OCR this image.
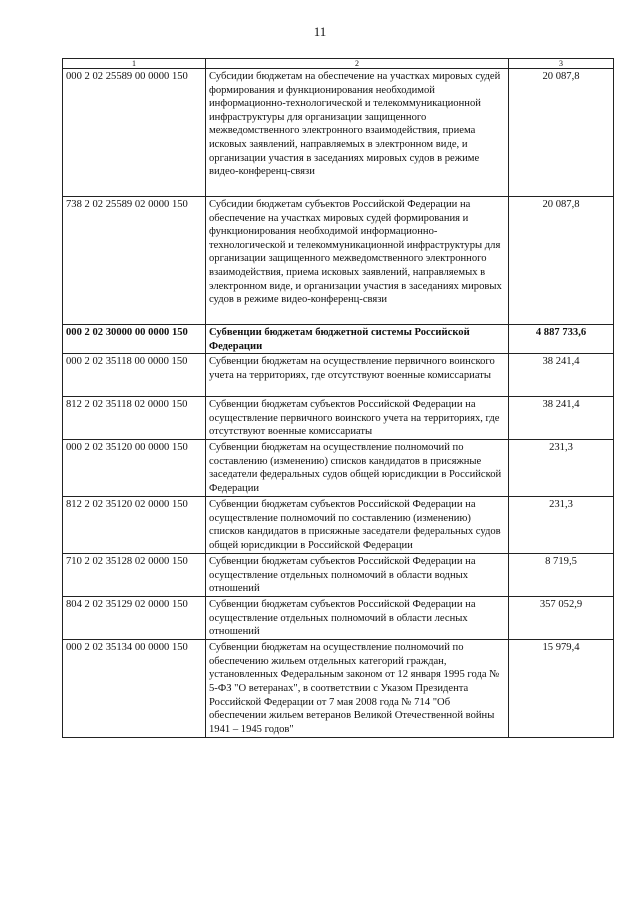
11
1	2	3
000 2 02 25589 00 0000 150	Субсидии бюджетам на обеспечение на участках мировых судей формирования и функционирования необходимой информационно-технологической и телекоммуникационной инфраструктуры для организации защищенного межведомственного электронного взаимодействия, приема исковых заявлений, направляемых в электронном виде, и организации участия в заседаниях мировых судов в режиме видео-конференц-связи	20 087,8
738 2 02 25589 02 0000 150	Субсидии бюджетам субъектов Российской Федерации на обеспечение на участках мировых судей формирования и функционирования необходимой информационно-технологической и телекоммуникационной инфраструктуры для организации защищенного межведомственного электронного взаимодействия, приема исковых заявлений, направляемых в электронном виде, и организации участия в заседаниях мировых судов в режиме видео-конференц-связи	20 087,8
000 2 02 30000 00 0000 150	Субвенции бюджетам бюджетной системы Российской Федерации	4 887 733,6
000 2 02 35118 00 0000 150	Субвенции бюджетам на осуществление первичного воинского учета на территориях, где отсутствуют военные комиссариаты	38 241,4
812 2 02 35118 02 0000 150	Субвенции бюджетам субъектов Российской Федерации на осуществление первичного воинского учета на территориях, где отсутствуют военные комиссариаты	38 241,4
000 2 02 35120 00 0000 150	Субвенции бюджетам на осуществление полномочий по составлению (изменению) списков кандидатов в присяжные заседатели федеральных судов общей юрисдикции в Российской Федерации	231,3
812 2 02 35120 02 0000 150	Субвенции бюджетам субъектов Российской Федерации на осуществление полномочий по составлению (изменению) списков кандидатов в присяжные заседатели федеральных судов общей юрисдикции в Российской Федерации	231,3
710 2 02 35128 02 0000 150	Субвенции бюджетам субъектов Российской Федерации на осуществление отдельных полномочий в области водных отношений	8 719,5
804 2 02 35129 02 0000 150	Субвенции бюджетам субъектов Российской Федерации на осуществление отдельных полномочий в области лесных отношений	357 052,9
000 2 02 35134 00 0000 150	Субвенции бюджетам на осуществление полномочий по обеспечению жильем отдельных категорий граждан, установленных Федеральным законом от 12 января 1995 года № 5-ФЗ "О ветеранах", в соответствии с Указом Президента Российской Федерации от 7 мая 2008 года № 714 "Об обеспечении жильем ветеранов Великой Отечественной войны 1941 – 1945 годов"	15 979,4
